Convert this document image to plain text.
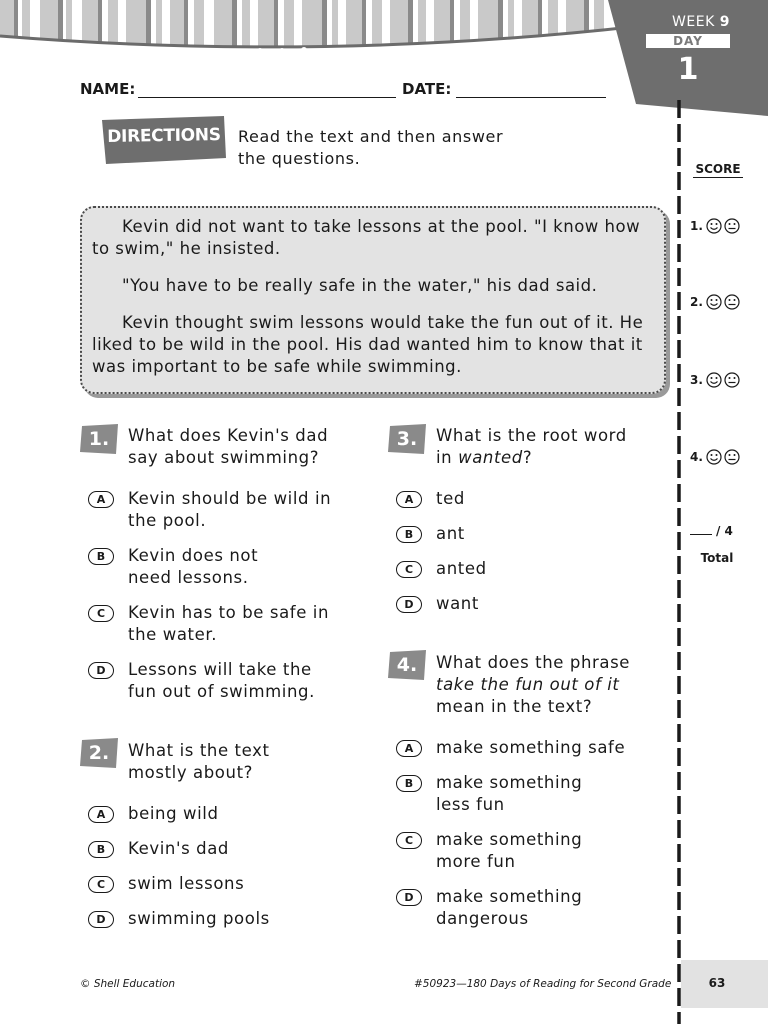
WEEK 9
DAY
1
NAME:	DATE:
DIRECTIONS Read the text and then answer
the questions.

Kevin did not want to take lessons at the pool. "I know how to swim," he insisted.

"You have to be really safe in the water," his dad said.

Kevin thought swim lessons would take the fun out of it. He liked to be wild in the pool. His dad wanted him to know that it was important to be safe while swimming.

1.	What does Kevin's dad
say about swimming?
A	Kevin should be wild in
the pool.
B	Kevin does not
need lessons.
C	Kevin has to be safe in
the water.
D	Lessons will take the
fun out of swimming.
2.	What is the text
mostly about?
A	being wild
B	Kevin's dad
C	swim lessons
D	swimming pools
3.	What is the root word
in wanted?
A	ted
B	ant
C	anted
D	want
4.	What does the phrase
take the fun out of it
mean in the text?
A	make something safe
B	make something
less fun
C	make something
more fun
D	make something
dangerous
SCORE
1.
2.
3.
4.
/ 4
Total
© Shell Education	#50923—180 Days of Reading for Second Grade	63
